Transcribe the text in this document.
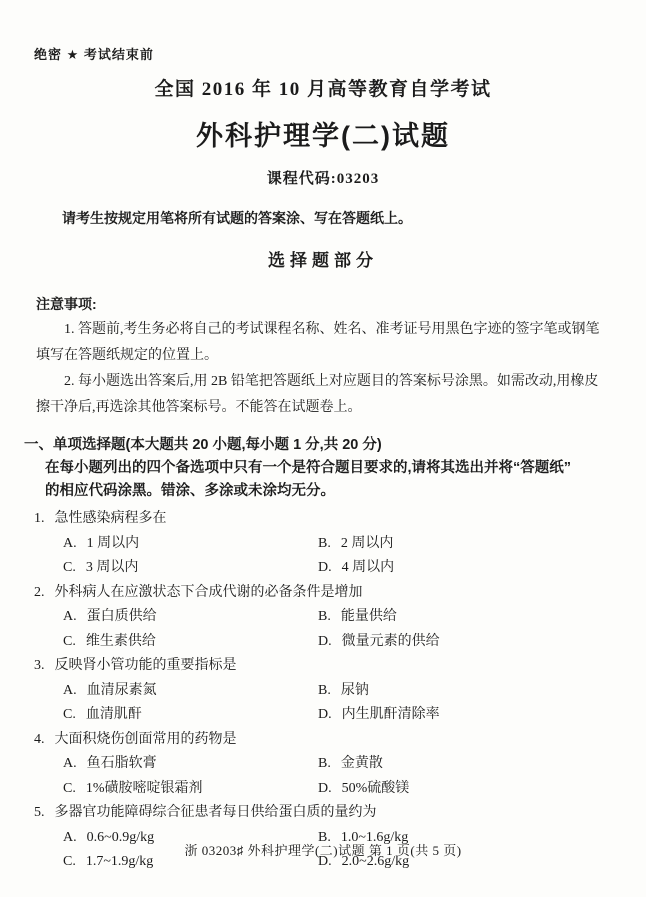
绝密 ★ 考试结束前
全国 2016 年 10 月高等教育自学考试
外科护理学(二)试题
课程代码:03203
请考生按规定用笔将所有试题的答案涂、写在答题纸上。
选择题部分
注意事项:
1. 答题前,考生务必将自己的考试课程名称、姓名、准考证号用黑色字迹的签字笔或钢笔填写在答题纸规定的位置上。
2. 每小题选出答案后,用 2B 铅笔把答题纸上对应题目的答案标号涂黑。如需改动,用橡皮擦干净后,再选涂其他答案标号。不能答在试题卷上。
一、单项选择题(本大题共 20 小题,每小题 1 分,共 20 分)
在每小题列出的四个备选项中只有一个是符合题目要求的,请将其选出并将“答题纸”
的相应代码涂黑。错涂、多涂或未涂均无分。
1. 急性感染病程多在
A. 1 周以内	B. 2 周以内
C. 3 周以内	D. 4 周以内
2. 外科病人在应激状态下合成代谢的必备条件是增加
A. 蛋白质供给	B. 能量供给
C. 维生素供给	D. 微量元素的供给
3. 反映肾小管功能的重要指标是
A. 血清尿素氮	B. 尿钠
C. 血清肌酐	D. 内生肌酐清除率
4. 大面积烧伤创面常用的药物是
A. 鱼石脂软膏	B. 金黄散
C. 1%磺胺嘧啶银霜剂	D. 50%硫酸镁
5. 多器官功能障碍综合征患者每日供给蛋白质的量约为
A. 0.6~0.9g/kg	B. 1.0~1.6g/kg
C. 1.7~1.9g/kg	D. 2.0~2.6g/kg
浙 03203♯ 外科护理学(二)试题 第 1 页(共 5 页)
